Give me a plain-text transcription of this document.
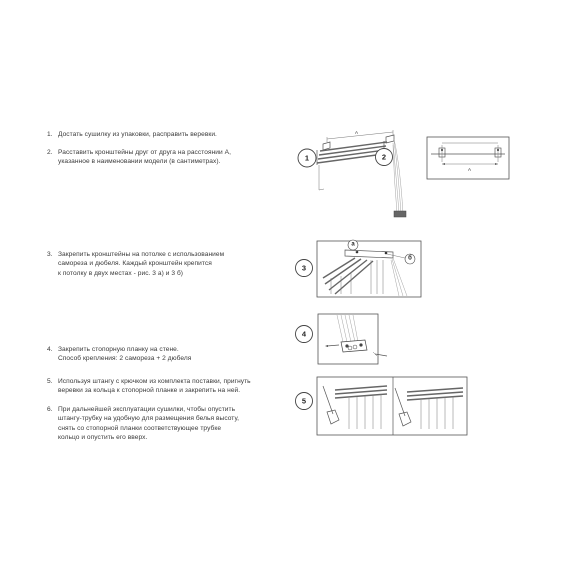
1. Достать сушилку из упаковки, расправить веревки.
2. Расставить кронштейны друг от друга на расстоянии А,
указанное в наименовании модели (в сантиметрах).
3. Закрепить кронштейны на потолке с использованием
самореза и дюбеля. Каждый кронштейн крепится
к потолку в двух местах - рис. 3 а) и 3 б)
4. Закрепить стопорную планку на стене.
Способ крепления: 2 самореза + 2 дюбеля
5. Используя штангу с крючком из комплекта поставки, пригнуть
веревки за кольца к стопорной планке и закрепить на ней.
6. При дальнейшей эксплуатации сушилки, чтобы опустить
штангу-трубку на удобную для размещения белья высоту,
снять со стопорной планки соответствующее трубке
кольцо и опустить его вверх.
1
A
2
A
3
a
б
4
5
